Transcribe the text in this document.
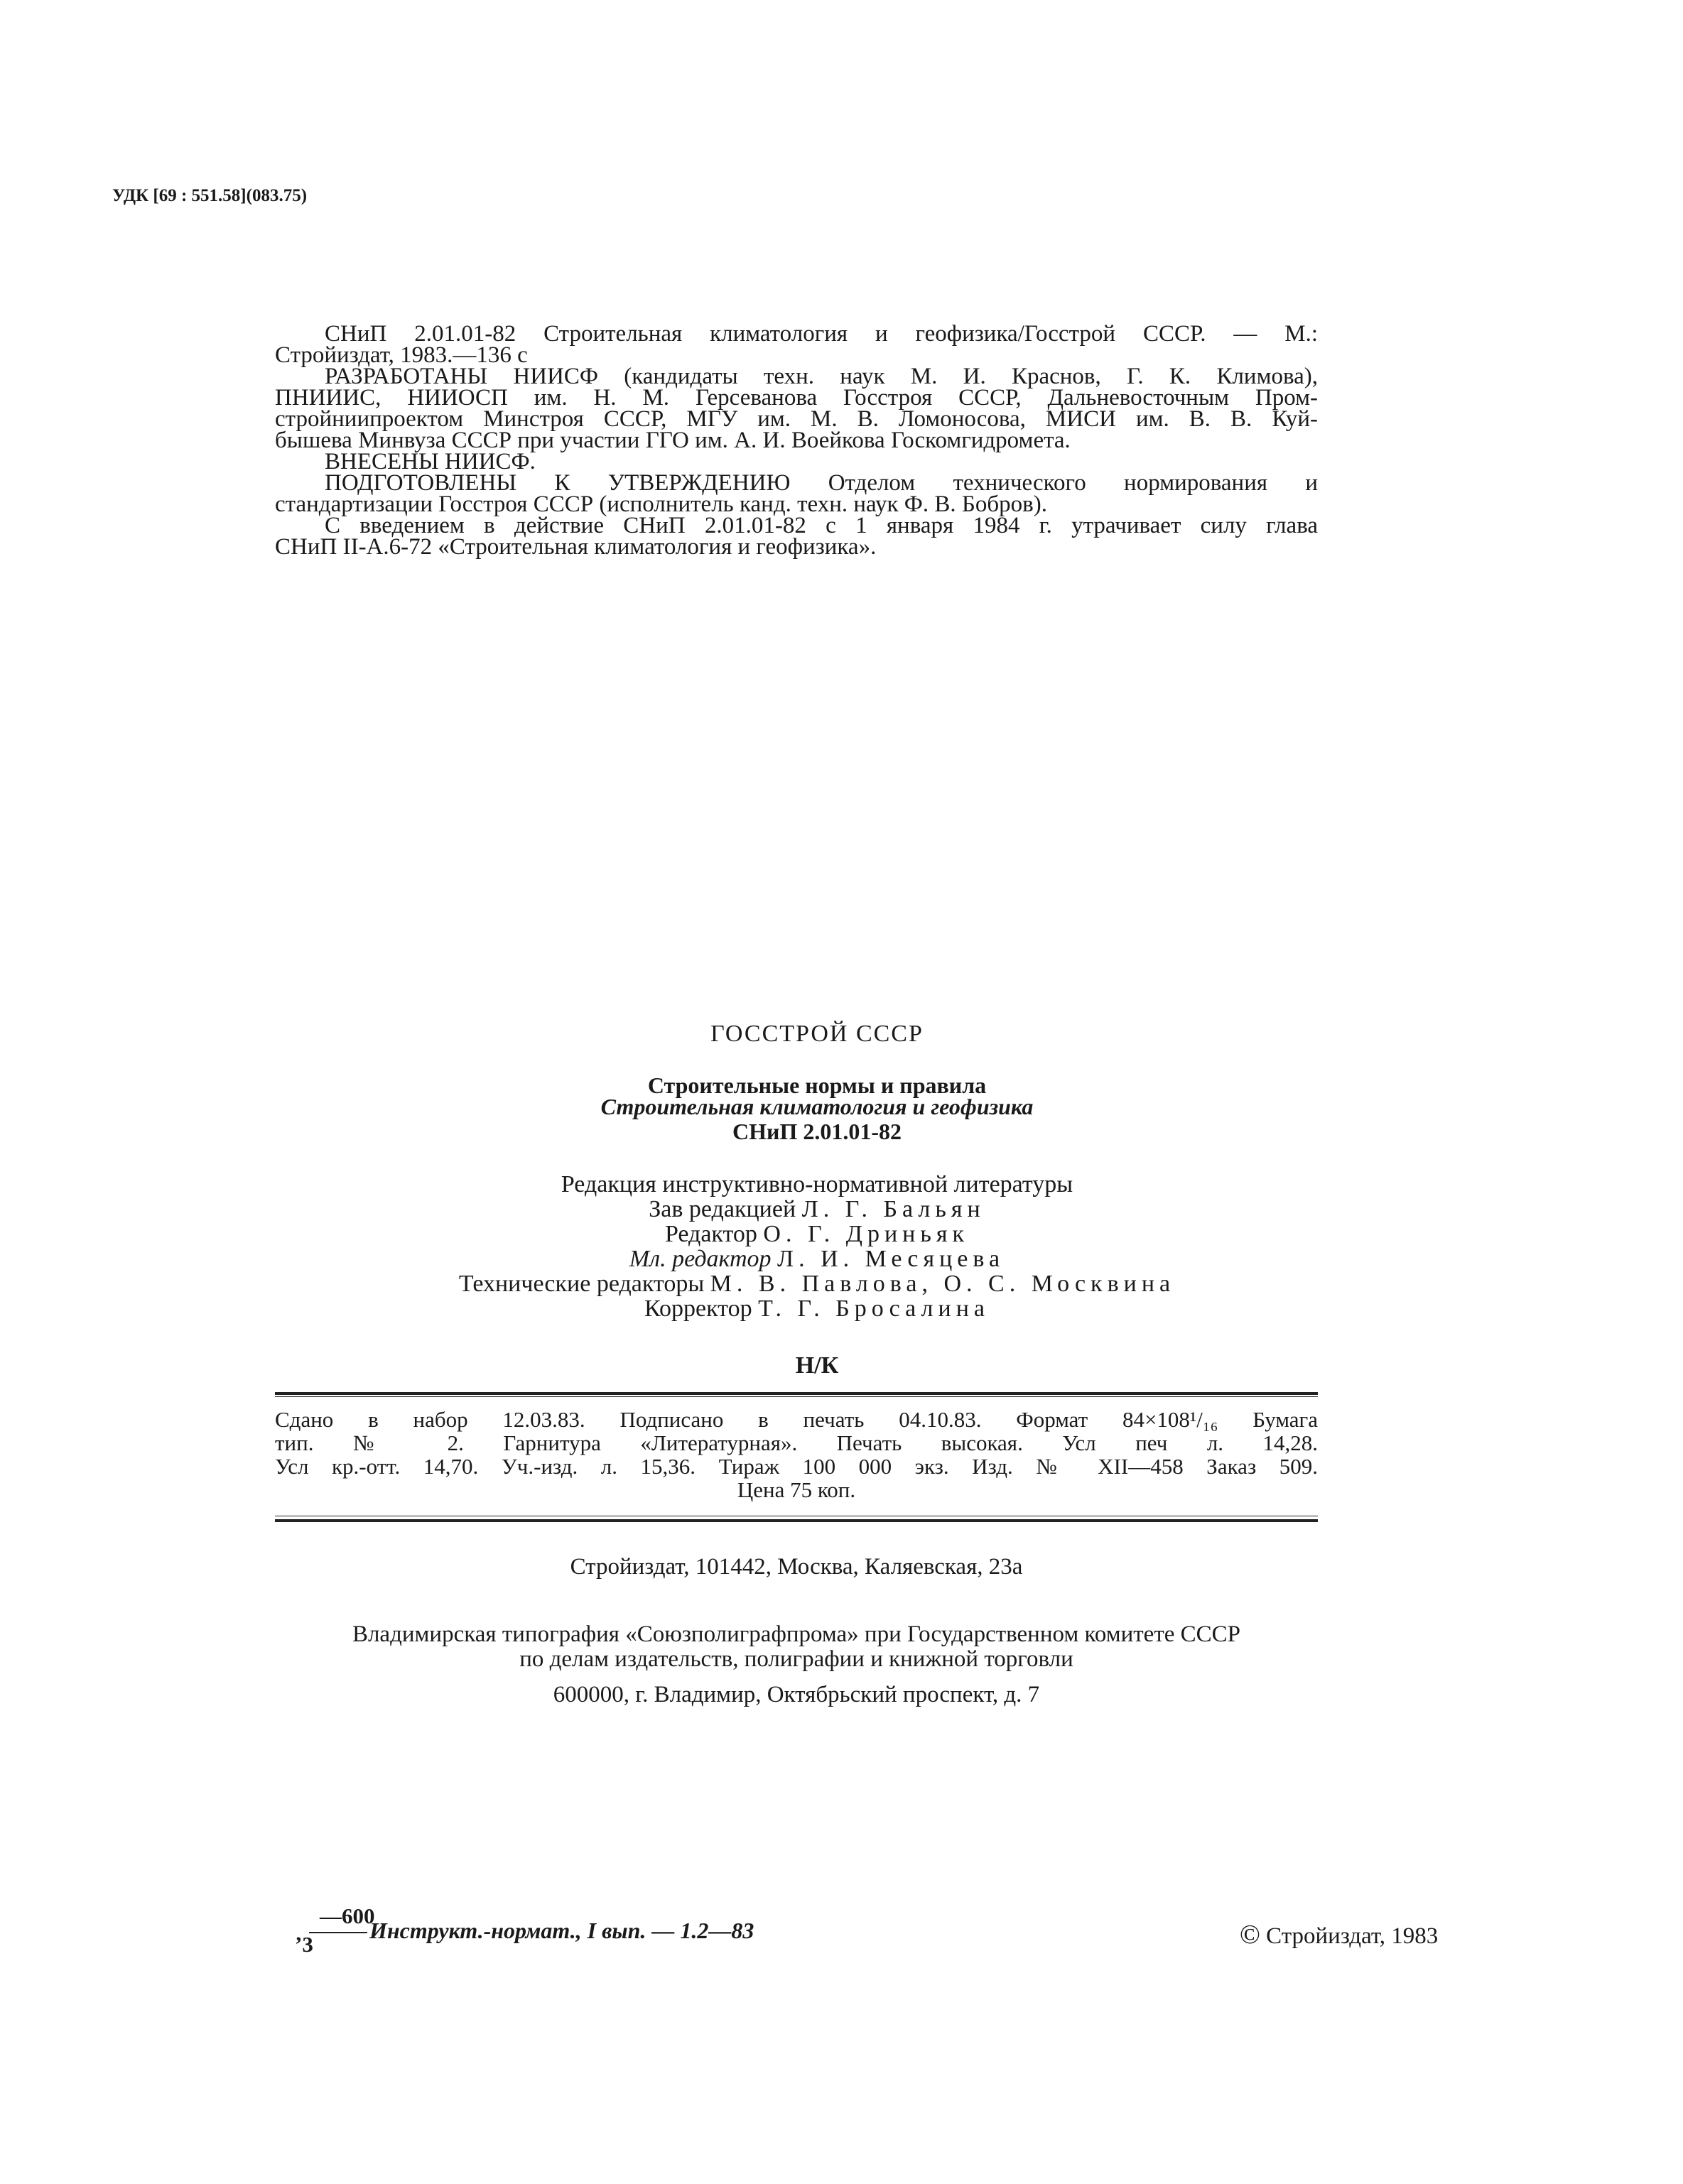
УДК [69 : 551.58](083.75)
СНиП 2.01.01-82 Строительная климатология и геофизика/Госстрой СССР. — М.:
Стройиздат, 1983.—136 с
РАЗРАБОТАНЫ НИИСФ (кандидаты техн. наук М. И. Краснов, Г. К. Климова),
ПНИИИС, НИИОСП им. Н. М. Герсеванова Госстроя СССР, Дальневосточным Пром-
стройниипроектом Минстроя СССР, МГУ им. М. В. Ломоносова, МИСИ им. В. В. Куй-
бышева Минвуза СССР при участии ГГО им. А. И. Воейкова Госкомгидромета.
ВНЕСЕНЫ НИИСФ.
ПОДГОТОВЛЕНЫ К УТВЕРЖДЕНИЮ Отделом технического нормирования и
стандартизации Госстроя СССР (исполнитель канд. техн. наук Ф. В. Бобров).
С введением в действие СНиП 2.01.01-82 с 1 января 1984 г. утрачивает силу глава
СНиП II-А.6-72 «Строительная климатология и геофизика».
ГОССТРОЙ СССР
Строительные нормы и правила
Строительная климатология и геофизика
СНиП 2.01.01-82
Редакция инструктивно-нормативной литературы
Зав редакцией Л. Г. Бальян
Редактор О. Г. Дриньяк
Мл. редактор Л. И. Месяцева
Технические редакторы М. В. Павлова, О. С. Москвина
Корректор Т. Г. Бросалина
Н/К
Сдано в набор 12.03.83. Подписано в печать 04.10.83. Формат 84×108¹/₁₆ Бумага
тип. № 2. Гарнитура «Литературная». Печать высокая. Усл печ л. 14,28.
Усл кр.-отт. 14,70. Уч.-изд. л. 15,36. Тираж 100 000 экз. Изд. № XII—458 Заказ 509.
Цена 75 коп.
Стройиздат, 101442, Москва, Каляевская, 23а
Владимирская типография «Союзполиграфпрома» при Государственном комитете СССР
по делам издательств, полиграфии и книжной торговли
600000, г. Владимир, Октябрьский проспект, д. 7
—600
ʼ3
Инструкт.-нормат., I вып. — 1.2—83	© Стройиздат, 1983
